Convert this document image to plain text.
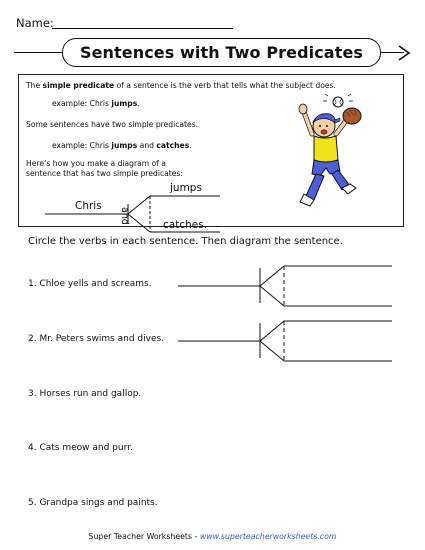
Name:
Sentences with Two Predicates
The simple predicate of a sentence is the verb that tells what the subject does.
example: Chris jumps.
Some sentences have two simple predicates.
example: Chris jumps and catches.
Here’s how you make a diagram of a
sentence that has two simple predicates:
Chris
jumps
catches.
and
Circle the verbs in each sentence. Then diagram the sentence.
1. Chloe yells and screams.
2. Mr. Peters swims and dives.
3. Horses run and gallop.
4. Cats meow and purr.
5. Grandpa sings and paints.
Super Teacher Worksheets - www.superteacherworksheets.com
